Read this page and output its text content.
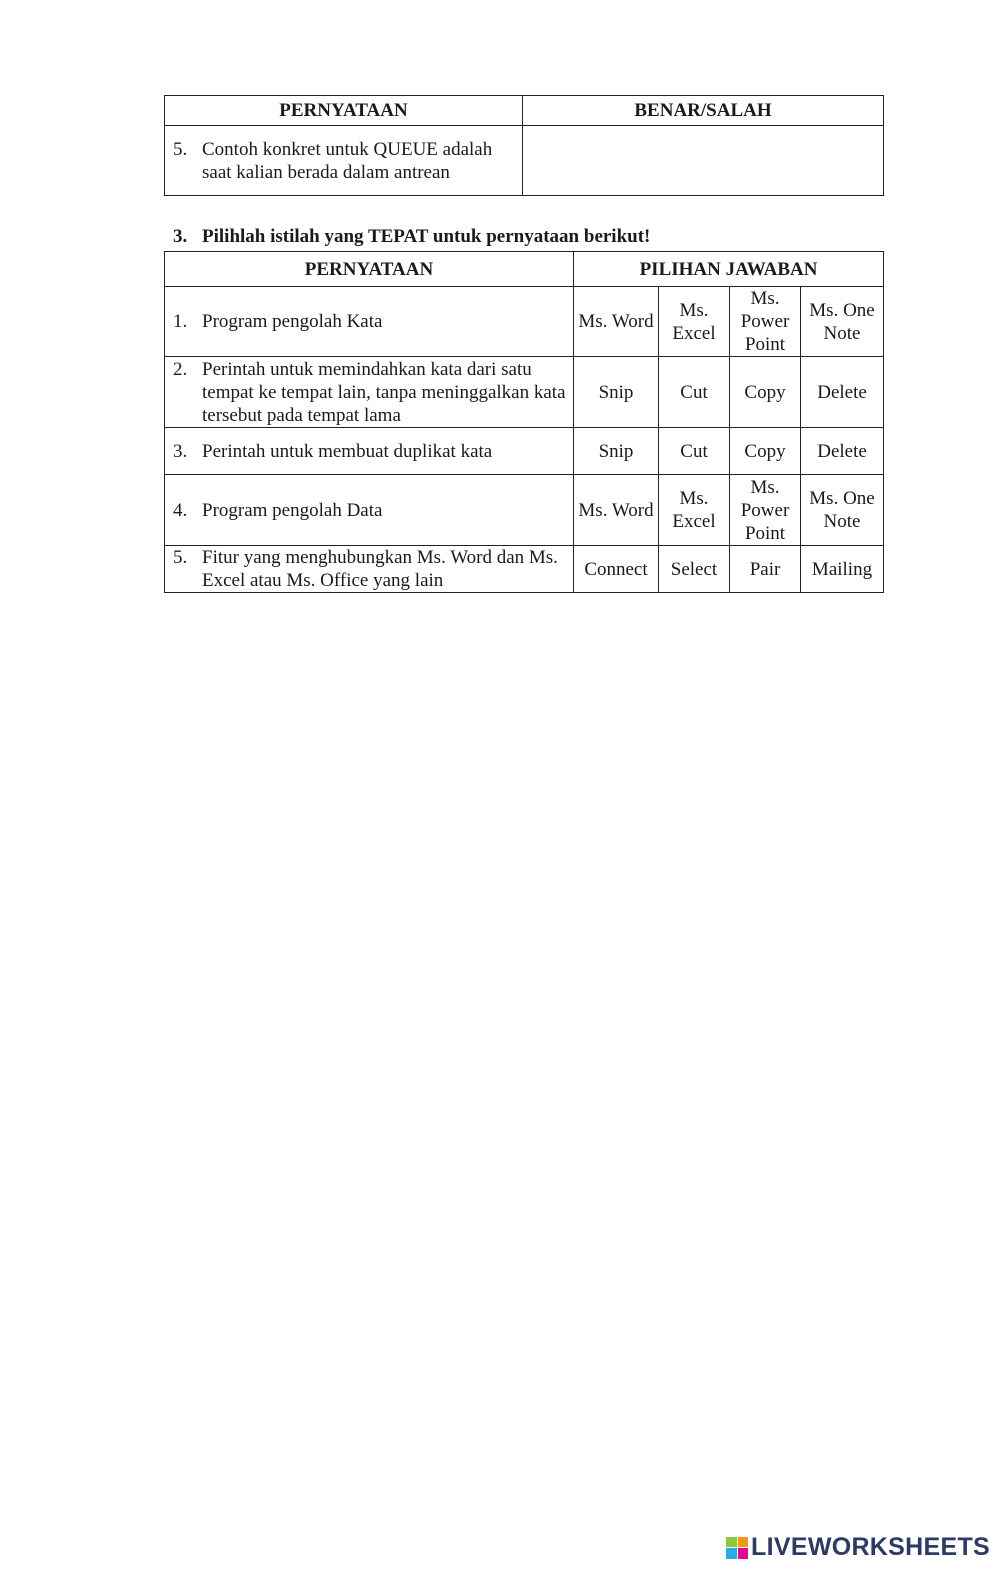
PERNYATAAN	BENAR/SALAH

5. Contoh konkret untuk QUEUE adalah saat kalian berada dalam antrean	

3. Pilihlah istilah yang TEPAT untuk pernyataan berikut!
PERNYATAAN	PILIHAN JAWABAN			

1. Program pengolah Kata	Ms. Word	Ms. Excel	Ms. Power Point	Ms. One Note

2. Perintah untuk memindahkan kata dari satu tempat ke tempat lain, tanpa meninggalkan kata tersebut pada tempat lama	Snip	Cut	Copy	Delete

3. Perintah untuk membuat duplikat kata	Snip	Cut	Copy	Delete

4. Program pengolah Data	Ms. Word	Ms. Excel	Ms. Power Point	Ms. One Note

5. Fitur yang menghubungkan Ms. Word dan Ms. Excel atau Ms. Office yang lain	Connect	Select	Pair	Mailing
LIVEWORKSHEETS
